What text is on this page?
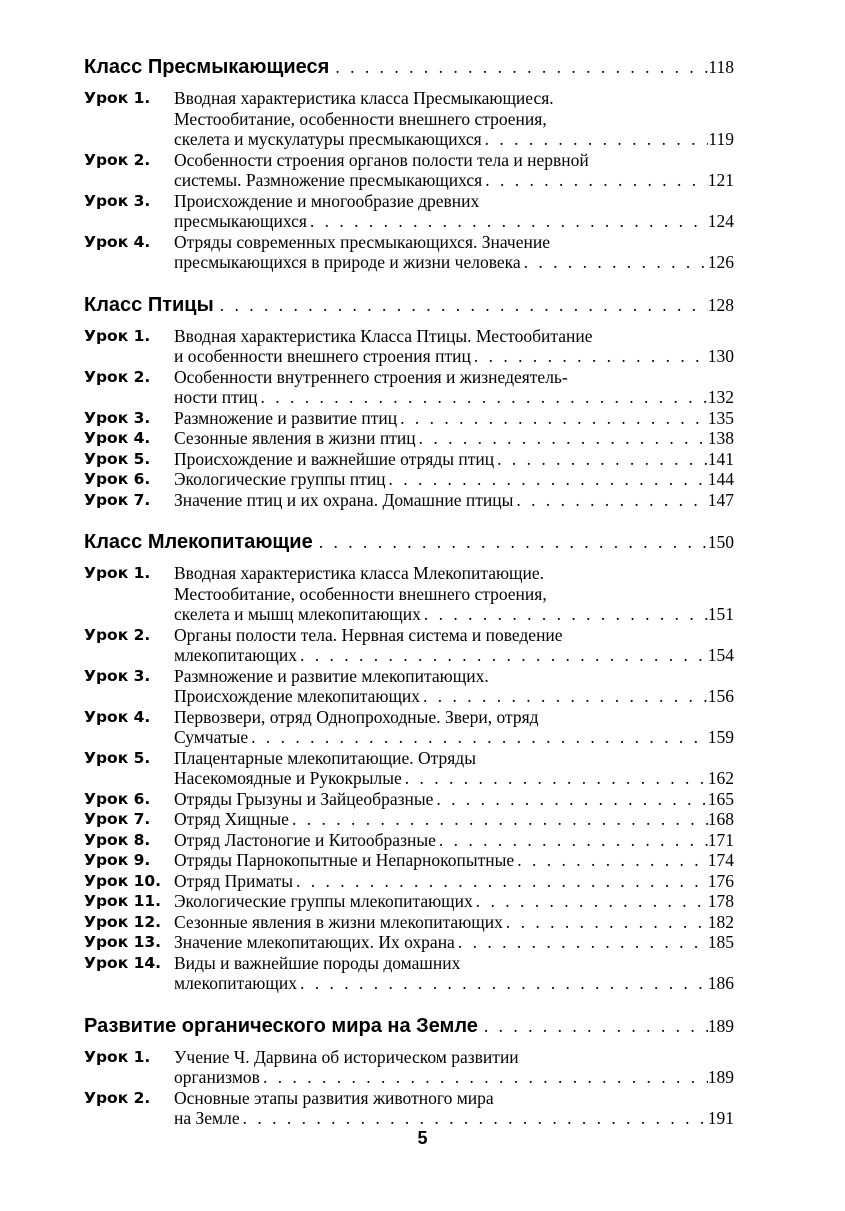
Класс Пресмыкающиеся . . .	118
Урок 1.	Вводная характеристика класса Пресмыкающиеся.
Местообитание, особенности внешнего строения,
скелета и мускулатуры пресмыкающихся . . .	119
Урок 2.	Особенности строения органов полости тела и нервной
системы. Размножение пресмыкающихся . . .	121
Урок 3.	Происхождение и многообразие древних
пресмыкающихся . . .	124
Урок 4.	Отряды современных пресмыкающихся. Значение
пресмыкающихся в природе и жизни человека . . .	126
Класс Птицы . . .	128
Урок 1.	Вводная характеристика Класса Птицы. Местообитание
и особенности внешнего строения птиц . . .	130
Урок 2.	Особенности внутреннего строения и жизнедеятель-
ности птиц . . .	132
Урок 3.	Размножение и развитие птиц . . .	135
Урок 4.	Сезонные явления в жизни птиц . . .	138
Урок 5.	Происхождение и важнейшие отряды птиц . . .	141
Урок 6.	Экологические группы птиц . . .	144
Урок 7.	Значение птиц и их охрана. Домашние птицы . . .	147
Класс Млекопитающие . . .	150
Урок 1.	Вводная характеристика класса Млекопитающие.
Местообитание, особенности внешнего строения,
скелета и мышц млекопитающих . . .	151
Урок 2.	Органы полости тела. Нервная система и поведение
млекопитающих . . .	154
Урок 3.	Размножение и развитие млекопитающих.
Происхождение млекопитающих . . .	156
Урок 4.	Первозвери, отряд Однопроходные. Звери, отряд
Сумчатые . . .	159
Урок 5.	Плацентарные млекопитающие. Отряды
Насекомоядные и Рукокрылые . . .	162
Урок 6.	Отряды Грызуны и Зайцеобразные . . .	165
Урок 7.	Отряд Хищные . . .	168
Урок 8.	Отряд Ластоногие и Китообразные . . .	171
Урок 9.	Отряды Парнокопытные и Непарнокопытные . . .	174
Урок 10. Отряд Приматы . . .	176
Урок 11. Экологические группы млекопитающих . . .	178
Урок 12. Сезонные явления в жизни млекопитающих . . .	182
Урок 13. Значение млекопитающих. Их охрана . . .	185
Урок 14. Виды и важнейшие породы домашних
млекопитающих . . .	186
Развитие органического мира на Земле . . .	189
Урок 1.	Учение Ч. Дарвина об историческом развитии
организмов . . .	189
Урок 2.	Основные этапы развития животного мира
на Земле . . .	191
5
